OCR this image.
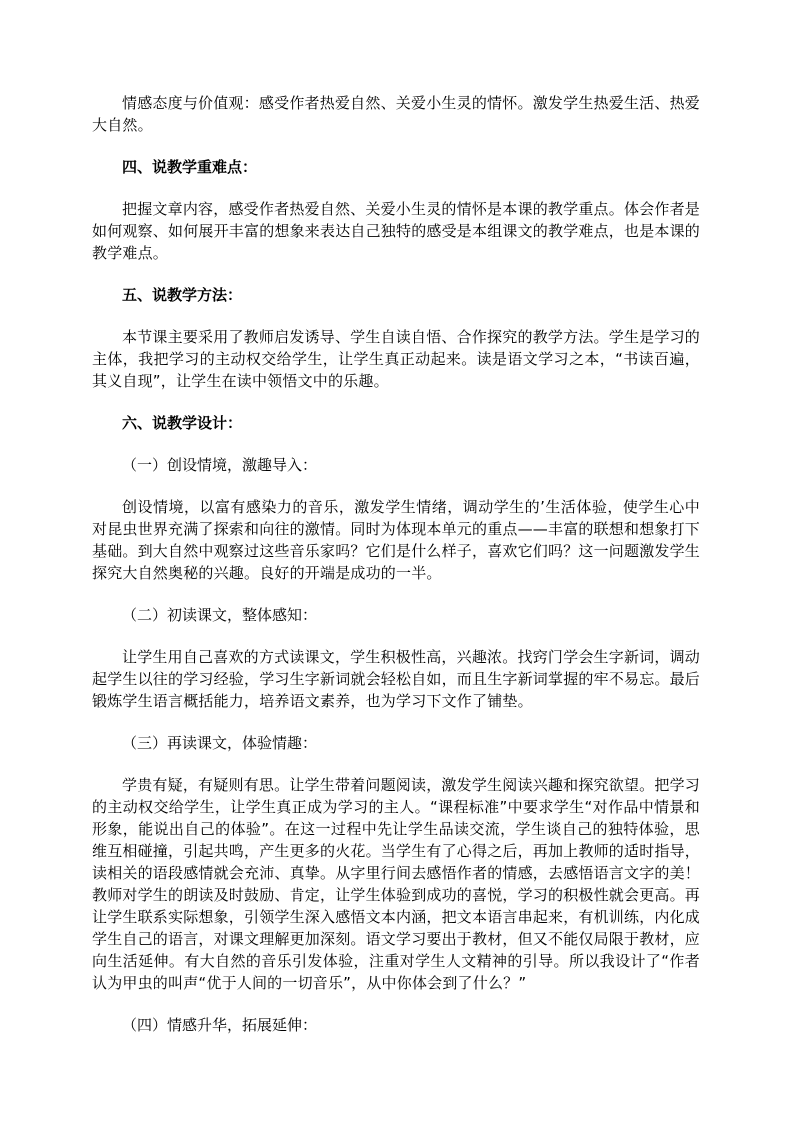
情感态度与价值观：感受作者热爱自然、关爱小生灵的情怀。激发学生热爱生活、热爱大自然。

四、说教学重难点：

把握文章内容，感受作者热爱自然、关爱小生灵的情怀是本课的教学重点。体会作者是如何观察、如何展开丰富的想象来表达自己独特的感受是本组课文的教学难点，也是本课的教学难点。

五、说教学方法：

本节课主要采用了教师启发诱导、学生自读自悟、合作探究的教学方法。学生是学习的主体，我把学习的主动权交给学生，让学生真正动起来。读是语文学习之本，“书读百遍，其义自现”，让学生在读中领悟文中的乐趣。

六、说教学设计：

（一）创设情境，激趣导入：

创设情境，以富有感染力的音乐，激发学生情绪，调动学生的’生活体验，使学生心中对昆虫世界充满了探索和向往的激情。同时为体现本单元的重点——丰富的联想和想象打下基础。到大自然中观察过这些音乐家吗？它们是什么样子，喜欢它们吗？这一问题激发学生探究大自然奥秘的兴趣。良好的开端是成功的一半。

（二）初读课文，整体感知：

让学生用自己喜欢的方式读课文，学生积极性高，兴趣浓。找窍门学会生字新词，调动起学生以往的学习经验，学习生字新词就会轻松自如，而且生字新词掌握的牢不易忘。最后锻炼学生语言概括能力，培养语文素养，也为学习下文作了铺垫。

（三）再读课文，体验情趣：

学贵有疑，有疑则有思。让学生带着问题阅读，激发学生阅读兴趣和探究欲望。把学习的主动权交给学生，让学生真正成为学习的主人。“课程标准”中要求学生“对作品中情景和形象，能说出自己的体验”。在这一过程中先让学生品读交流，学生谈自己的独特体验，思维互相碰撞，引起共鸣，产生更多的火花。当学生有了心得之后，再加上教师的适时指导，读相关的语段感情就会充沛、真挚。从字里行间去感悟作者的情感，去感悟语言文字的美！教师对学生的朗读及时鼓励、肯定，让学生体验到成功的喜悦，学习的积极性就会更高。再让学生联系实际想象，引领学生深入感悟文本内涵，把文本语言串起来，有机训练，内化成学生自己的语言，对课文理解更加深刻。语文学习要出于教材，但又不能仅局限于教材，应向生活延伸。有大自然的音乐引发体验，注重对学生人文精神的引导。所以我设计了“作者认为甲虫的叫声“优于人间的一切音乐”，从中你体会到了什么？”

（四）情感升华，拓展延伸：
